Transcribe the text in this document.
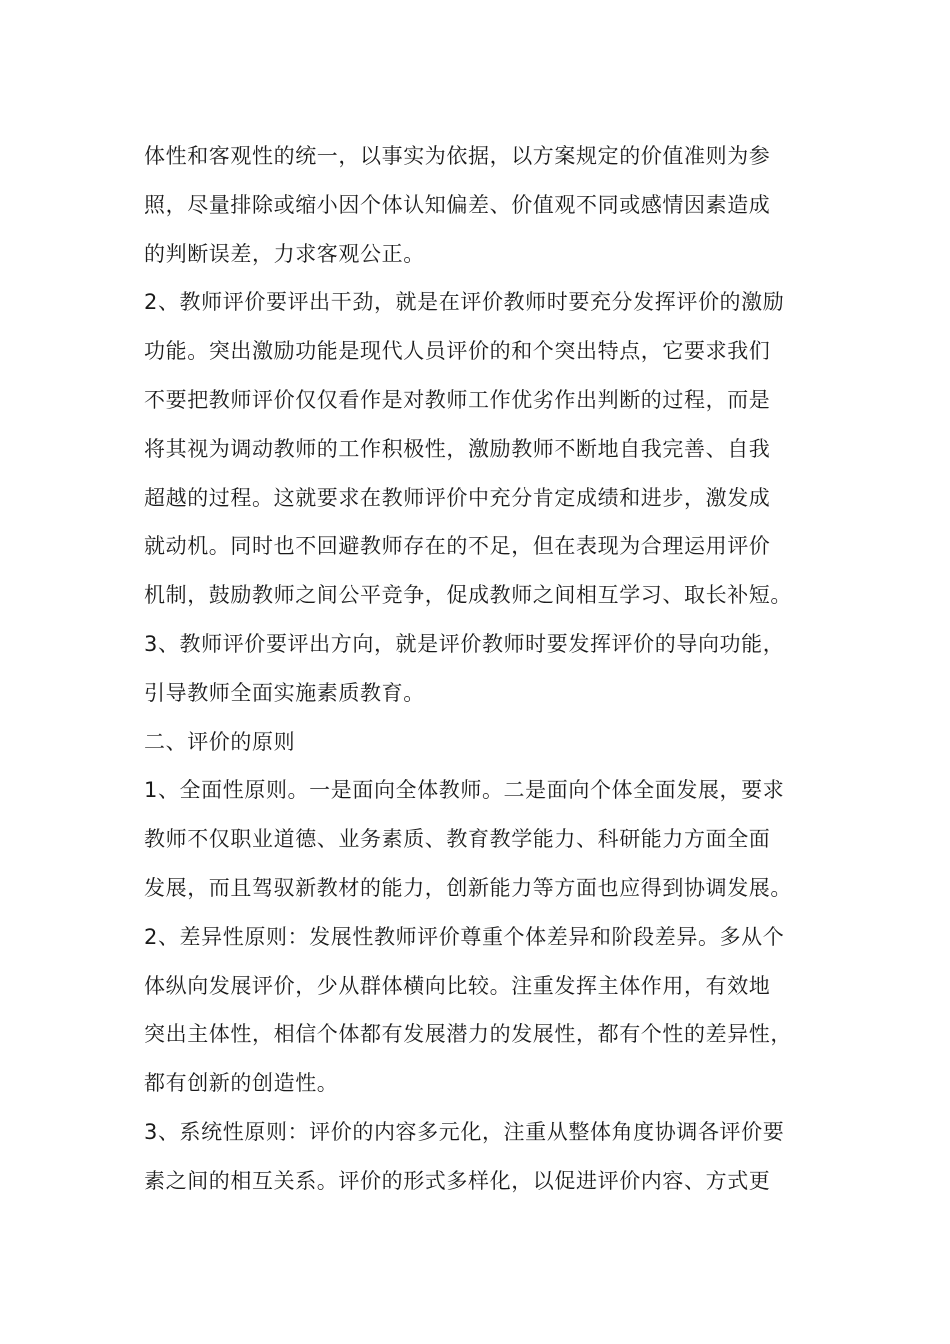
体性和客观性的统一，以事实为依据，以方案规定的价值准则为参
照，尽量排除或缩小因个体认知偏差、价值观不同或感情因素造成
的判断误差，力求客观公正。
2、教师评价要评出干劲，就是在评价教师时要充分发挥评价的激励
功能。突出激励功能是现代人员评价的和个突出特点，它要求我们
不要把教师评价仅仅看作是对教师工作优劣作出判断的过程，而是
将其视为调动教师的工作积极性，激励教师不断地自我完善、自我
超越的过程。这就要求在教师评价中充分肯定成绩和进步，激发成
就动机。同时也不回避教师存在的不足，但在表现为合理运用评价
机制，鼓励教师之间公平竞争，促成教师之间相互学习、取长补短。
3、教师评价要评出方向，就是评价教师时要发挥评价的导向功能，
引导教师全面实施素质教育。
二、评价的原则
1、全面性原则。一是面向全体教师。二是面向个体全面发展，要求
教师不仅职业道德、业务素质、教育教学能力、科研能力方面全面
发展，而且驾驭新教材的能力，创新能力等方面也应得到协调发展。
2、差异性原则：发展性教师评价尊重个体差异和阶段差异。多从个
体纵向发展评价，少从群体横向比较。注重发挥主体作用，有效地
突出主体性，相信个体都有发展潜力的发展性，都有个性的差异性，
都有创新的创造性。
3、系统性原则：评价的内容多元化，注重从整体角度协调各评价要
素之间的相互关系。评价的形式多样化，以促进评价内容、方式更
